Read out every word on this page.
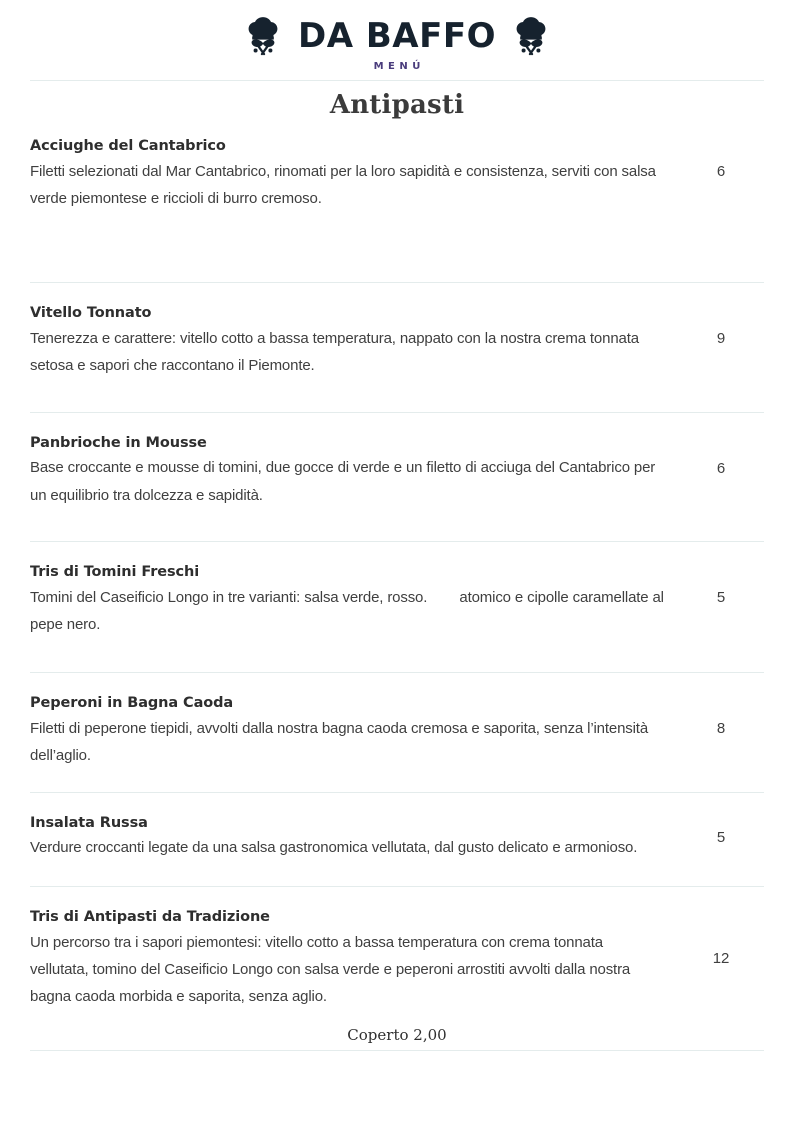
DA BAFFO
MENÚ
Antipasti
Acciughe del Cantabrico
Filetti selezionati dal Mar Cantabrico, rinomati per la loro sapidità e consistenza, serviti con salsa verde piemontese e riccioli di burro cremoso.
6
Vitello Tonnato
Tenerezza e carattere: vitello cotto a bassa temperatura, nappato con la nostra crema tonnata setosa e sapori che raccontano il Piemonte.
9
Panbrioche in Mousse
Base croccante e mousse di tomini, due gocce di verde e un filetto di acciuga del Cantabrico per un equilibrio tra dolcezza e sapidità.
6
Tris di Tomini Freschi
Tomini del Caseificio Longo in tre varianti: salsa verde, rosso.        atomico e cipolle caramellate al pepe nero.
5
Peperoni in Bagna Caoda
Filetti di peperone tiepidi, avvolti dalla nostra bagna caoda cremosa e saporita, senza l’intensità dell’aglio.
8
Insalata Russa
Verdure croccanti legate da una salsa gastronomica vellutata, dal gusto delicato e armonioso.
5
Tris di Antipasti da Tradizione
Un percorso tra i sapori piemontesi: vitello cotto a bassa temperatura con crema tonnata vellutata, tomino del Caseificio Longo con salsa verde e peperoni arrostiti avvolti dalla nostra bagna caoda morbida e saporita, senza aglio.
12
Coperto 2,00
